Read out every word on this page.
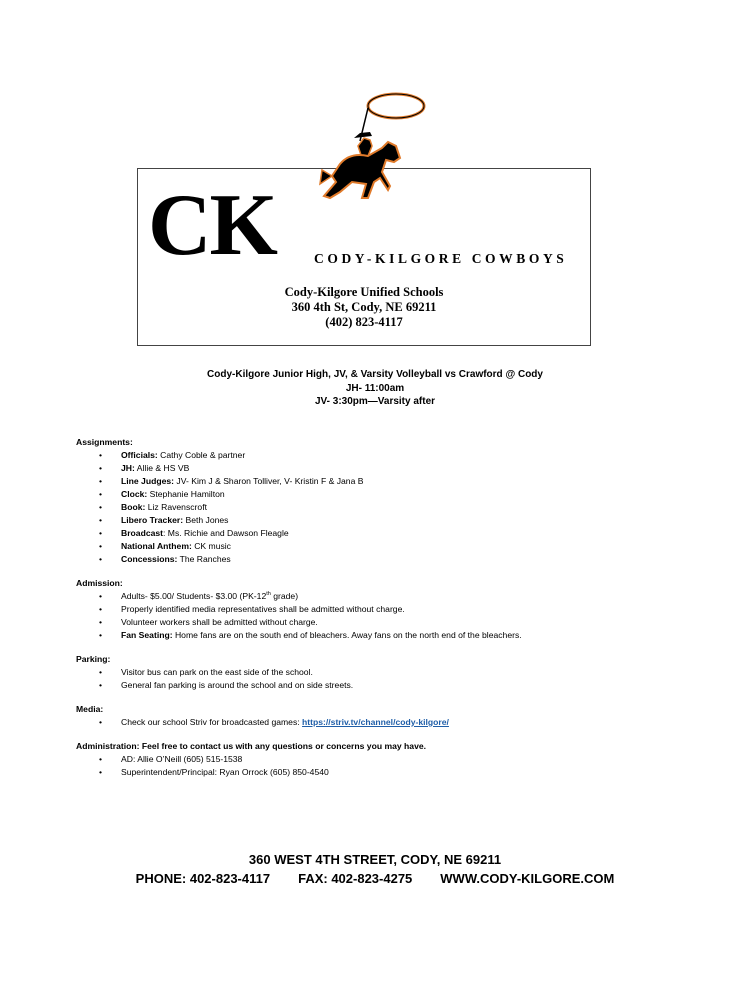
CK	CODY-KILGORE COWBOYS
Cody-Kilgore Unified Schools
360 4th St, Cody, NE 69211
(402) 823-4117
Cody-Kilgore Junior High, JV, & Varsity Volleyball vs Crawford @ Cody
JH- 11:00am
JV- 3:30pm—Varsity after
Assignments:
• Officials: Cathy Coble & partner
• JH: Allie & HS VB
• Line Judges: JV- Kim J & Sharon Tolliver, V- Kristin F & Jana B
• Clock: Stephanie Hamilton
• Book: Liz Ravenscroft
• Libero Tracker: Beth Jones
• Broadcast: Ms. Richie and Dawson Fleagle
• National Anthem: CK music
• Concessions: The Ranches
Admission:
• Adults- $5.00/ Students- $3.00 (PK-12th grade)
• Properly identified media representatives shall be admitted without charge.
• Volunteer workers shall be admitted without charge.
• Fan Seating: Home fans are on the south end of bleachers. Away fans on the north end of the bleachers.
Parking:
• Visitor bus can park on the east side of the school.
• General fan parking is around the school and on side streets.
Media:
• Check our school Striv for broadcasted games: https://striv.tv/channel/cody-kilgore/
Administration: Feel free to contact us with any questions or concerns you may have.
• AD: Allie O’Neill (605) 515-1538
• Superintendent/Principal: Ryan Orrock (605) 850-4540
360 WEST 4TH STREET, CODY, NE 69211
PHONE: 402-823-4117 FAX: 402-823-4275 WWW.CODY-KILGORE.COM
